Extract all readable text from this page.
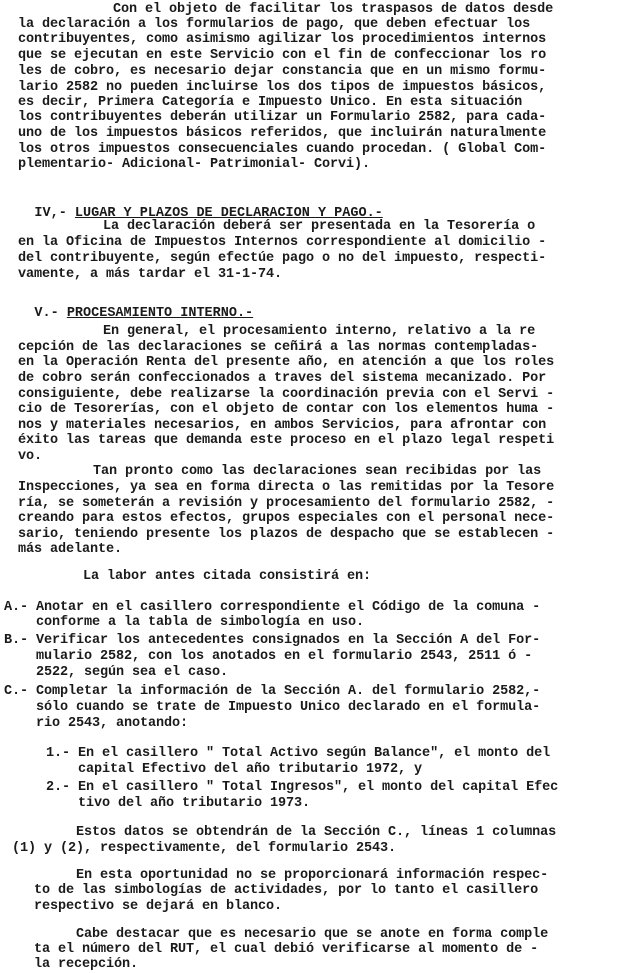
Con el objeto de facilitar los traspasos de datos desde
la declaración a los formularios de pago, que deben efectuar los
contribuyentes, como asimismo agilizar los procedimientos internos
que se ejecutan en este Servicio con el fin de confeccionar los ro
les de cobro, es necesario dejar constancia que en un mismo formu-
lario 2582 no pueden incluirse los dos tipos de impuestos básicos,
es decir, Primera Categoría e Impuesto Unico. En esta situación
los contribuyentes deberán utilizar un Formulario 2582, para cada-
uno de los impuestos básicos referidos, que incluirán naturalmente
los otros impuestos consecuenciales cuando procedan. ( Global Com-
plementario- Adicional- Patrimonial- Corvi).

IV,- LUGAR Y PLAZOS DE DECLARACION Y PAGO.-

La declaración deberá ser presentada en la Tesorería o
en la Oficina de Impuestos Internos correspondiente al domicilio -
del contribuyente, según efectúe pago o no del impuesto, respecti-
vamente, a más tardar el 31-1-74.

V.- PROCESAMIENTO INTERNO.-

En general, el procesamiento interno, relativo a la re
cepción de las declaraciones se ceñirá a las normas contempladas-
en la Operación Renta del presente año, en atención a que los roles
de cobro serán confeccionados a traves del sistema mecanizado. Por
consiguiente, debe realizarse la coordinación previa con el Servi -
cio de Tesorerías, con el objeto de contar con los elementos huma -
nos y materiales necesarios, en ambos Servicios, para afrontar con
éxito las tareas que demanda este proceso en el plazo legal respeti
vo.
Tan pronto como las declaraciones sean recibidas por las
Inspecciones, ya sea en forma directa o las remitidas por la Tesore
ría, se someterán a revisión y procesamiento del formulario 2582, -
creando para estos efectos, grupos especiales con el personal nece-
sario, teniendo presente los plazos de despacho que se establecen -
más adelante.
La labor antes citada consistirá en:
A.- Anotar en el casillero correspondiente el Código de la comuna -
conforme a la tabla de simbología en uso.
B.- Verificar los antecedentes consignados en la Sección A del For-
mulario 2582, con los anotados en el formulario 2543, 2511 ó -
2522, según sea el caso.
C.- Completar la información de la Sección A. del formulario 2582,-
sólo cuando se trate de Impuesto Unico declarado en el formula-
rio 2543, anotando:
1.- En el casillero " Total Activo según Balance", el monto del
capital Efectivo del año tributario 1972, y
2.- En el casillero " Total Ingresos", el monto del capital Efec
tivo del año tributario 1973.
Estos datos se obtendrán de la Sección C., líneas 1 columnas
(1) y (2), respectivamente, del formulario 2543.
En esta oportunidad no se proporcionará información respec-
to de las simbologías de actividades, por lo tanto el casillero
respectivo se dejará en blanco.
Cabe destacar que es necesario que se anote en forma comple
ta el número del RUT, el cual debió verificarse al momento de -
la recepción.
